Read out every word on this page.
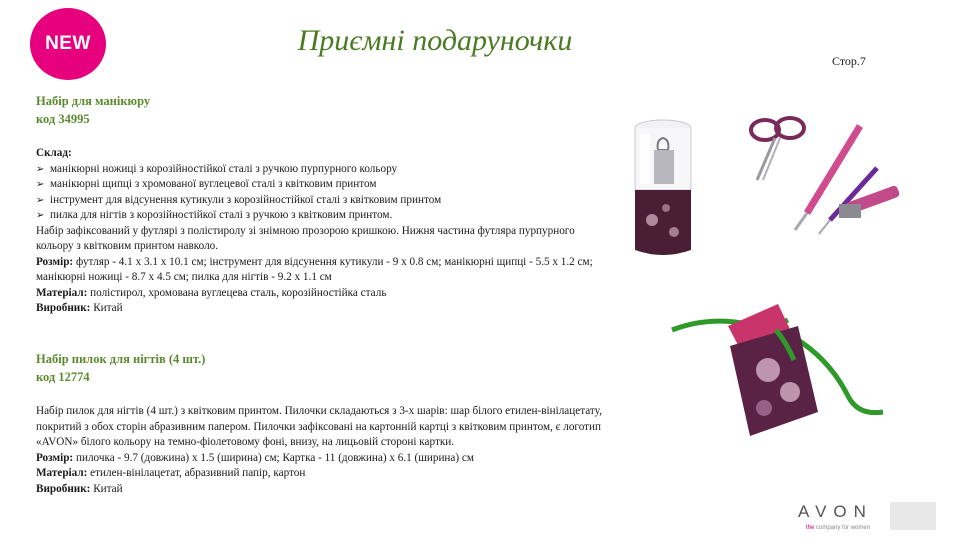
NEW	Приємні подаруночки
Стор.7
Набір для манікюру
код 34995
Склад:
➢ манікюрні ножиці з корозійностійкої сталі з ручкою пурпурного кольору
➢ манікюрні щипці з хромованої вуглецевої сталі з квітковим принтом
➢ інструмент для відсунення кутикули з корозійностійкої сталі з квітковим принтом
➢ пилка для нігтів з корозійностійкої сталі з ручкою з квітковим принтом.
Набір зафіксований у футлярі з полістиролу зі знімною прозорою кришкою. Нижня частина футляра пурпурного кольору з квітковим принтом навколо.
Розмір: футляр - 4.1 х 3.1 х 10.1 см; інструмент для відсунення кутикули - 9 х 0.8 см; манікюрні щипці - 5.5 х 1.2 см; манікюрні ножиці - 8.7 х 4.5 см; пилка для нігтів - 9.2 х 1.1 см
Матеріал: полістирол, хромована вуглецева сталь, корозійностійка сталь
Виробник: Китай
Набір пилок для нігтів (4 шт.)
код 12774
Набір пилок для нігтів (4 шт.) з квітковим принтом. Пилочки складаються з 3-х шарів: шар білого етилен-вінілацетату, покритий з обох сторін абразивним папером. Пилочки зафіксовані на картонній картці з квітковим принтом, є логотип «AVON» білого кольору на темно-фіолетовому фоні, внизу, на лицьовій стороні картки.
Розмір: пилочка - 9.7 (довжина) х 1.5 (ширина) см; Картка - 11 (довжина) х 6.1 (ширина) см
Матеріал: етилен-вінілацетат, абразивний папір, картон
Виробник: Китай
AVON
the company for women
